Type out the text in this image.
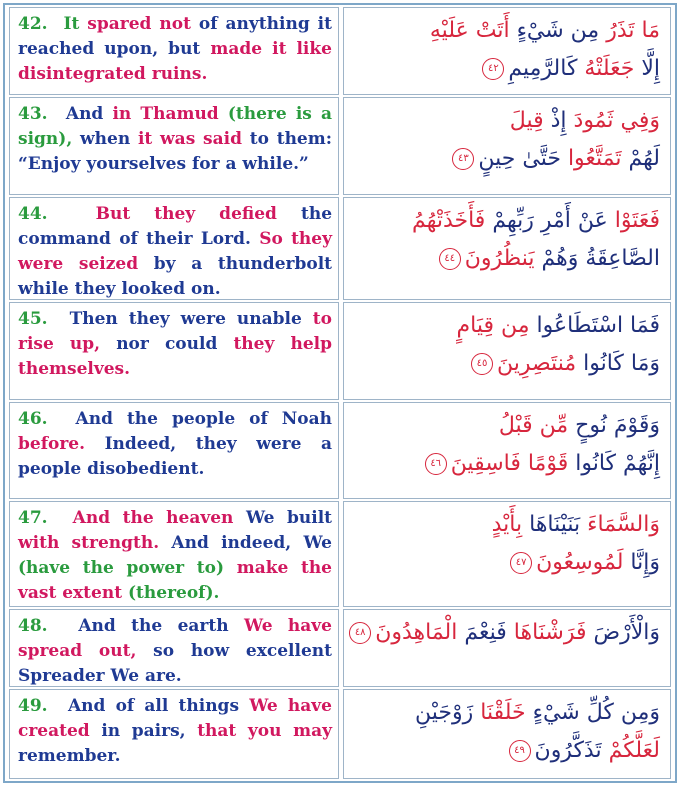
42. It spared not of anything it reached upon, but made it like disintegrated ruins.

مَا تَذَرُ مِن شَيْءٍ أَتَتْ عَلَيْهِ
إِلَّا جَعَلَتْهُ كَالرَّمِيمِ٤٢

43. And in Thamud (there is a sign), when it was said to them: “Enjoy yourselves for a while.”

وَفِي ثَمُودَ إِذْ قِيلَ
لَهُمْ تَمَتَّعُوا حَتَّىٰ حِينٍ٤٣

44.	But they defied the command of their Lord. So they were seized by a thunderbolt while they looked on.

فَعَتَوْا عَنْ أَمْرِ رَبِّهِمْ فَأَخَذَتْهُمُ
الصَّاعِقَةُ وَهُمْ يَنظُرُونَ٤٤

45. Then they were unable to rise up, nor could they help themselves.

فَمَا اسْتَطَاعُوا مِن قِيَامٍ
وَمَا كَانُوا مُنتَصِرِينَ٤٥

46. And the people of Noah before. Indeed, they were a people disobedient.

وَقَوْمَ نُوحٍ مِّن قَبْلُ
إِنَّهُمْ كَانُوا قَوْمًا فَاسِقِينَ٤٦

47. And the heaven We built with strength. And indeed, We (have the power to) make the vast extent (thereof).

وَالسَّمَاءَ بَنَيْنَاهَا بِأَيْدٍ
وَإِنَّا لَمُوسِعُونَ٤٧

48. And the earth We have spread out, so how excellent Spreader We are.

وَالْأَرْضَ فَرَشْنَاهَا فَنِعْمَ الْمَاهِدُونَ٤٨

49. And of all things We have created in pairs, that you may remember.

وَمِن كُلِّ شَيْءٍ خَلَقْنَا زَوْجَيْنِ
لَعَلَّكُمْ تَذَكَّرُونَ٤٩
